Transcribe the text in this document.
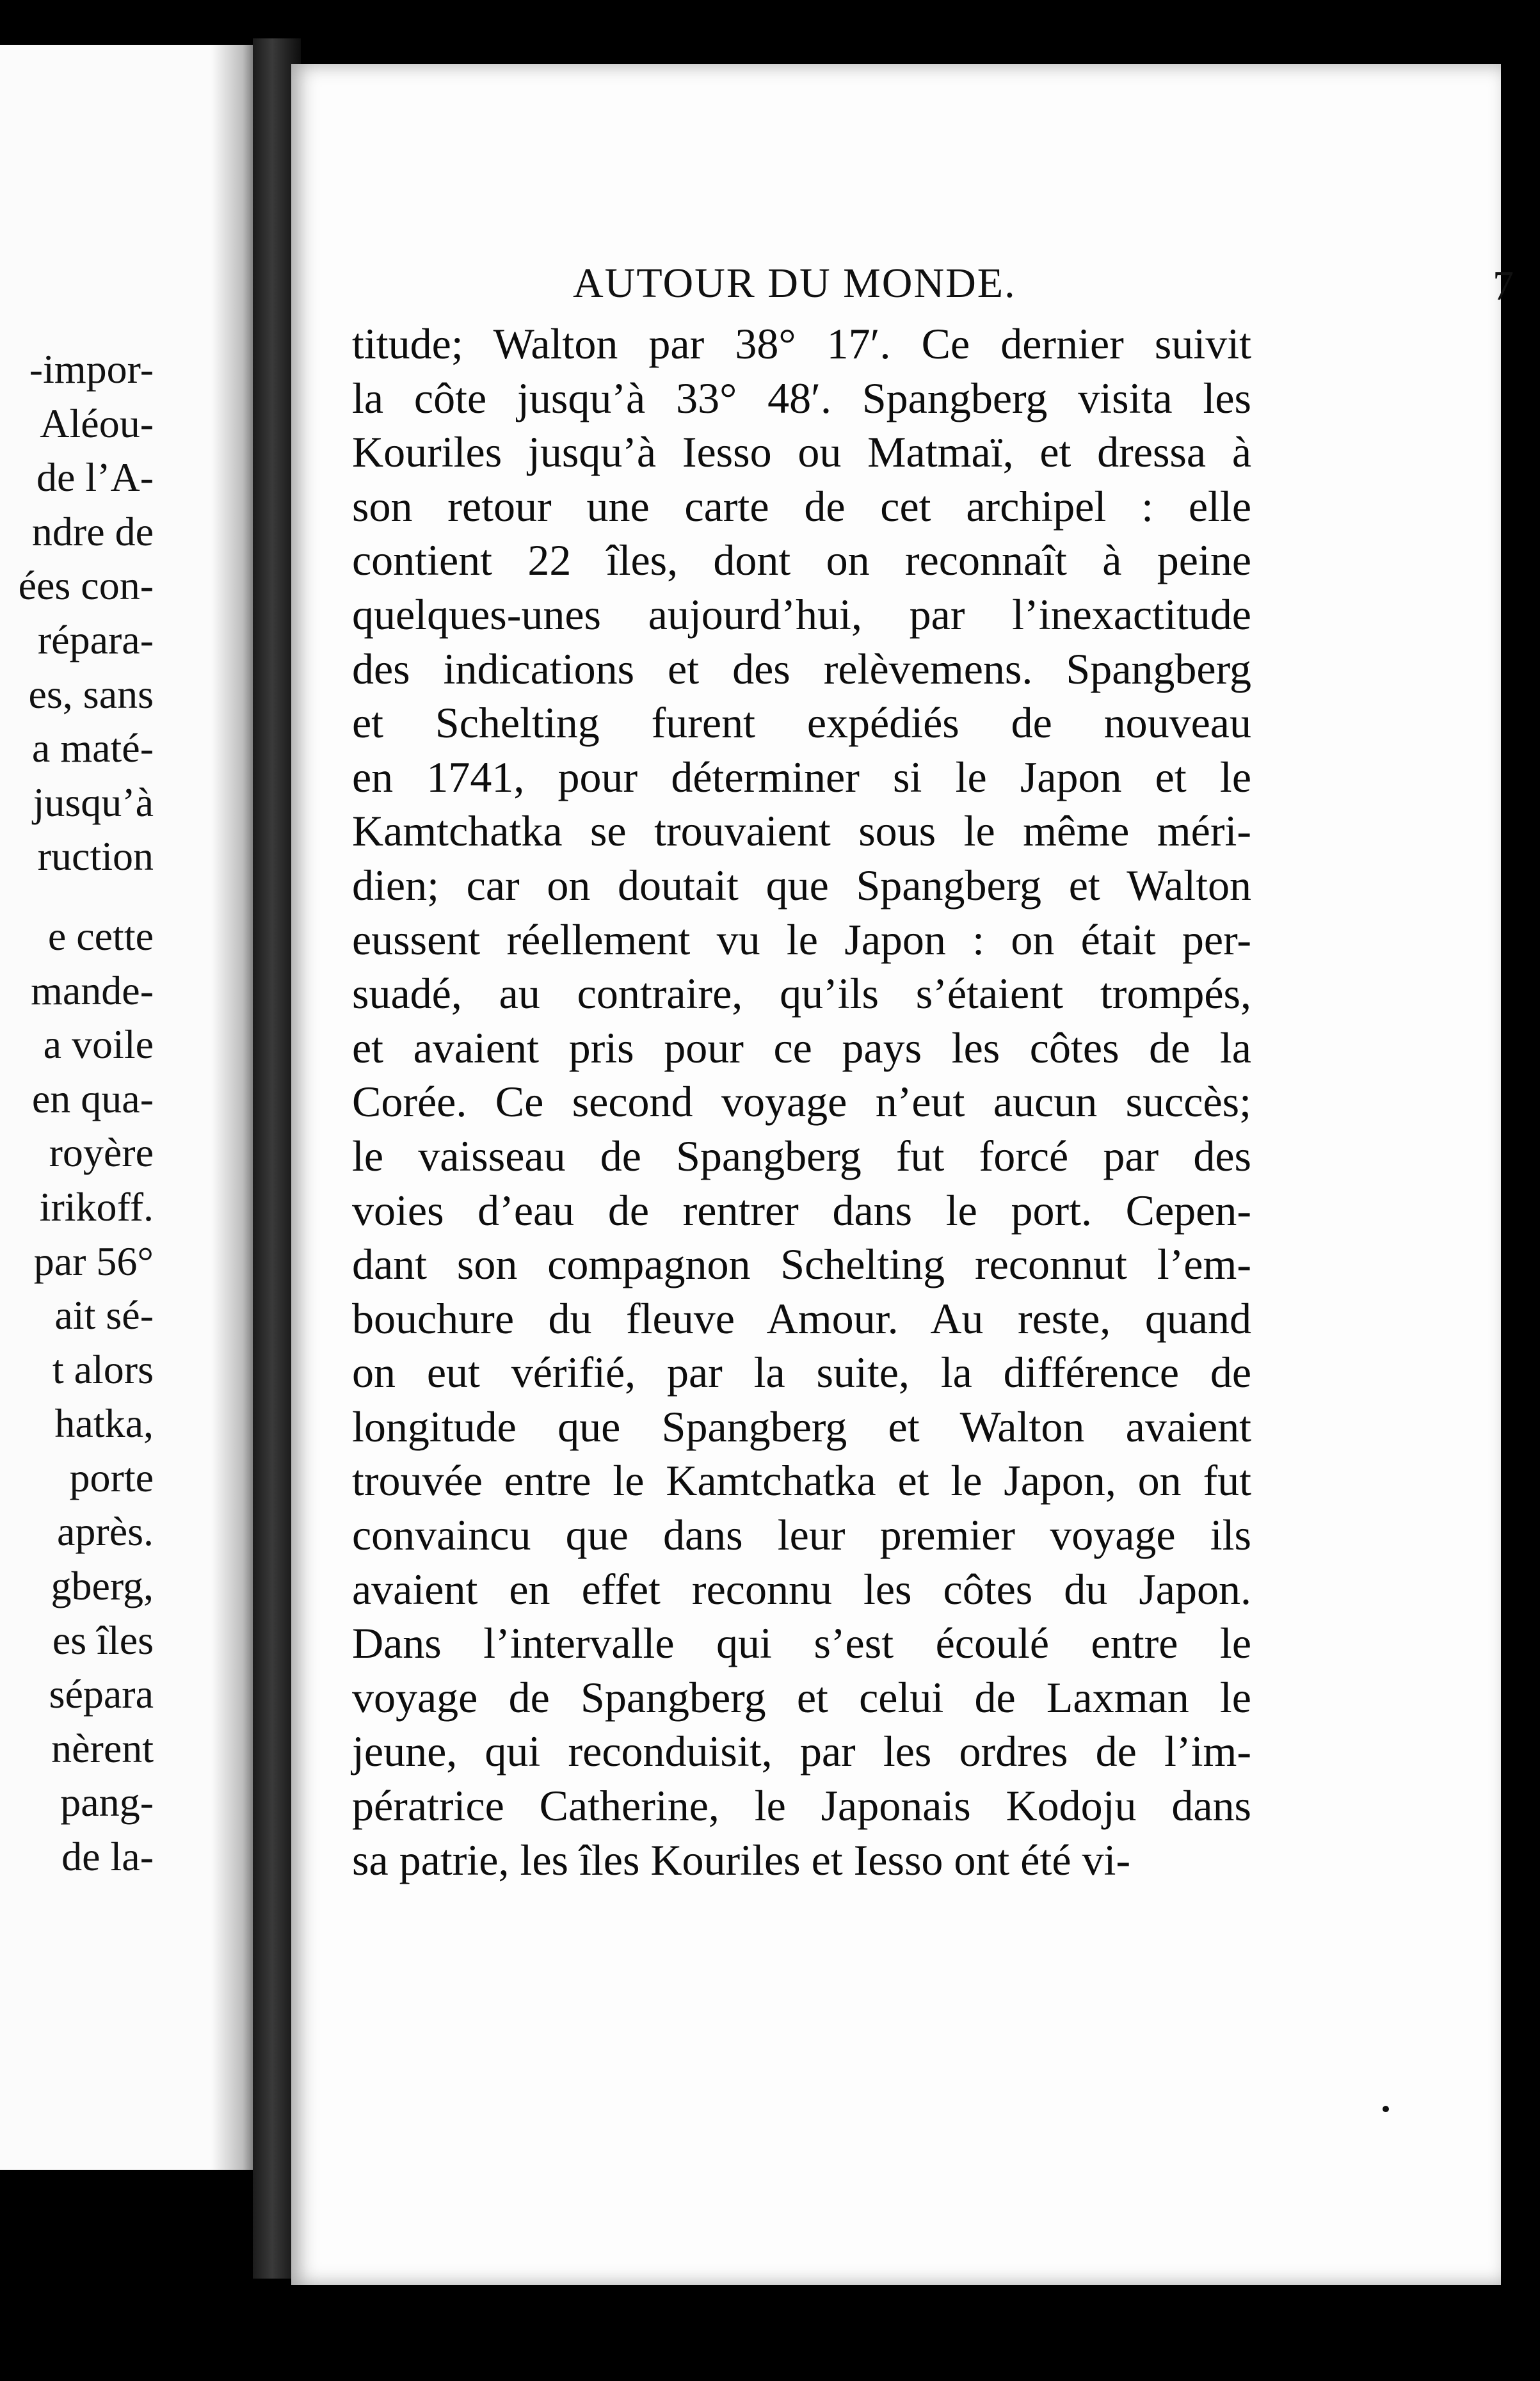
-impor-
Aléou-
de l’A-
ndre de
ées con-
répara-
es, sans
a maté-
jusqu’à
ruction
e cette
mande-
a voile
en qua-
royère
irikoff.
par 56°
ait sé-
t alors
hatka,
porte
après.
gberg,
es îles
sépara
nèrent
pang-
de la-
AUTOUR DU MONDE.	7
titude; Walton par 38° 17′. Ce dernier suivit
la côte jusqu’à 33° 48′. Spangberg visita les
Kouriles jusqu’à Iesso ou Matmaï, et dressa à
son retour une carte de cet archipel : elle
contient 22 îles, dont on reconnaît à peine
quelques-unes aujourd’hui, par l’inexactitude
des indications et des relèvemens. Spangberg
et Schelting furent expédiés de nouveau
en 1741, pour déterminer si le Japon et le
Kamtchatka se trouvaient sous le même méri-
dien; car on doutait que Spangberg et Walton
eussent réellement vu le Japon : on était per-
suadé, au contraire, qu’ils s’étaient trompés,
et avaient pris pour ce pays les côtes de la
Corée. Ce second voyage n’eut aucun succès;
le vaisseau de Spangberg fut forcé par des
voies d’eau de rentrer dans le port. Cepen-
dant son compagnon Schelting reconnut l’em-
bouchure du fleuve Amour. Au reste, quand
on eut vérifié, par la suite, la différence de
longitude que Spangberg et Walton avaient
trouvée entre le Kamtchatka et le Japon, on fut
convaincu que dans leur premier voyage ils
avaient en effet reconnu les côtes du Japon.
Dans l’intervalle qui s’est écoulé entre le
voyage de Spangberg et celui de Laxman le
jeune, qui reconduisit, par les ordres de l’im-
pératrice Catherine, le Japonais Kodoju dans
sa patrie, les îles Kouriles et Iesso ont été vi-
